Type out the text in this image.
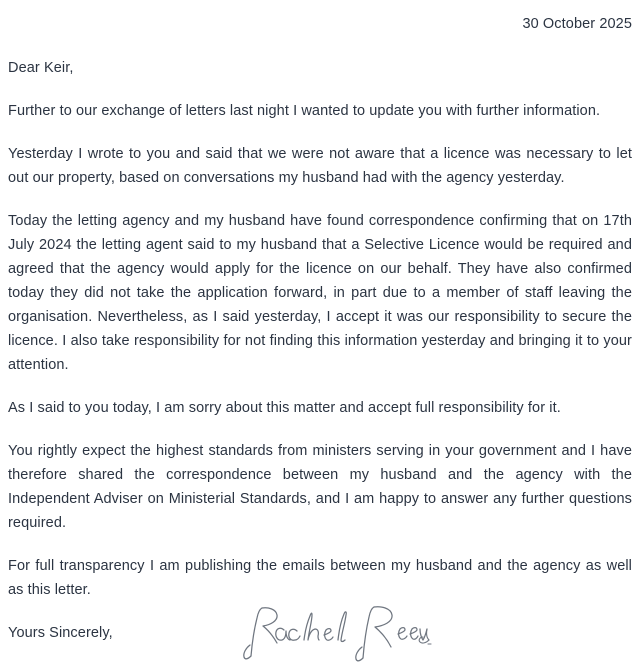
30 October 2025
Dear Keir,
Further to our exchange of letters last night I wanted to update you with further information.
Yesterday I wrote to you and said that we were not aware that a licence was necessary to let out our property, based on conversations my husband had with the agency yesterday.
Today the letting agency and my husband have found correspondence confirming that on 17th July 2024 the letting agent said to my husband that a Selective Licence would be required and agreed that the agency would apply for the licence on our behalf. They have also confirmed today they did not take the application forward, in part due to a member of staff leaving the organisation. Nevertheless, as I said yesterday, I accept it was our responsibility to secure the licence. I also take responsibility for not finding this information yesterday and bringing it to your attention.
As I said to you today, I am sorry about this matter and accept full responsibility for it.
You rightly expect the highest standards from ministers serving in your government and I have therefore shared the correspondence between my husband and the agency with the Independent Adviser on Ministerial Standards, and I am happy to answer any further questions required.
For full transparency I am publishing the emails between my husband and the agency as well as this letter.
Yours Sincerely,
